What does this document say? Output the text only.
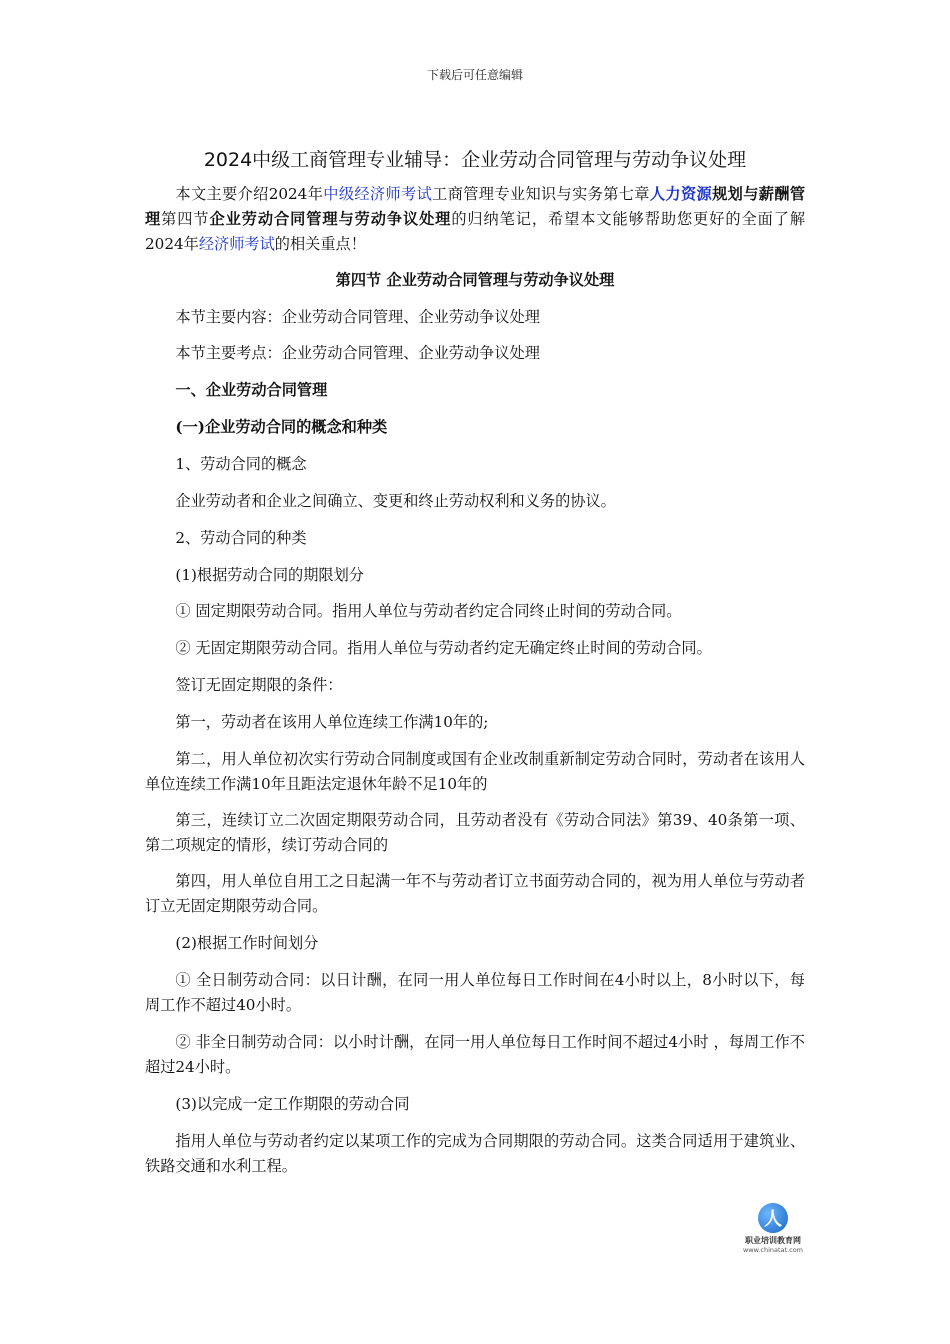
下载后可任意编辑
2024中级工商管理专业辅导：企业劳动合同管理与劳动争议处理

本文主要介绍2024年中级经济师考试工商管理专业知识与实务第七章人力资源规划与薪酬管理第四节企业劳动合同管理与劳动争议处理的归纳笔记，希望本文能够帮助您更好的全面了解2024年经济师考试的相关重点！

第四节 企业劳动合同管理与劳动争议处理

本节主要内容：企业劳动合同管理、企业劳动争议处理

本节主要考点：企业劳动合同管理、企业劳动争议处理

一、企业劳动合同管理

(一)企业劳动合同的概念和种类

1、劳动合同的概念

企业劳动者和企业之间确立、变更和终止劳动权利和义务的协议。

2、劳动合同的种类

(1)根据劳动合同的期限划分

① 固定期限劳动合同。指用人单位与劳动者约定合同终止时间的劳动合同。

② 无固定期限劳动合同。指用人单位与劳动者约定无确定终止时间的劳动合同。

签订无固定期限的条件：

第一，劳动者在该用人单位连续工作满10年的;

第二，用人单位初次实行劳动合同制度或国有企业改制重新制定劳动合同时，劳动者在该用人单位连续工作满10年且距法定退休年龄不足10年的

第三，连续订立二次固定期限劳动合同，且劳动者没有《劳动合同法》第39、40条第一项、第二项规定的情形，续订劳动合同的

第四，用人单位自用工之日起满一年不与劳动者订立书面劳动合同的，视为用人单位与劳动者订立无固定期限劳动合同。

(2)根据工作时间划分

① 全日制劳动合同：以日计酬，在同一用人单位每日工作时间在4小时以上，8小时以下，每周工作不超过40小时。

② 非全日制劳动合同：以小时计酬，在同一用人单位每日工作时间不超过4小时 ，每周工作不超过24小时。

(3)以完成一定工作期限的劳动合同

指用人单位与劳动者约定以某项工作的完成为合同期限的劳动合同。这类合同适用于建筑业、铁路交通和水利工程。

人
职业培训教育网
www.chinatat.com
